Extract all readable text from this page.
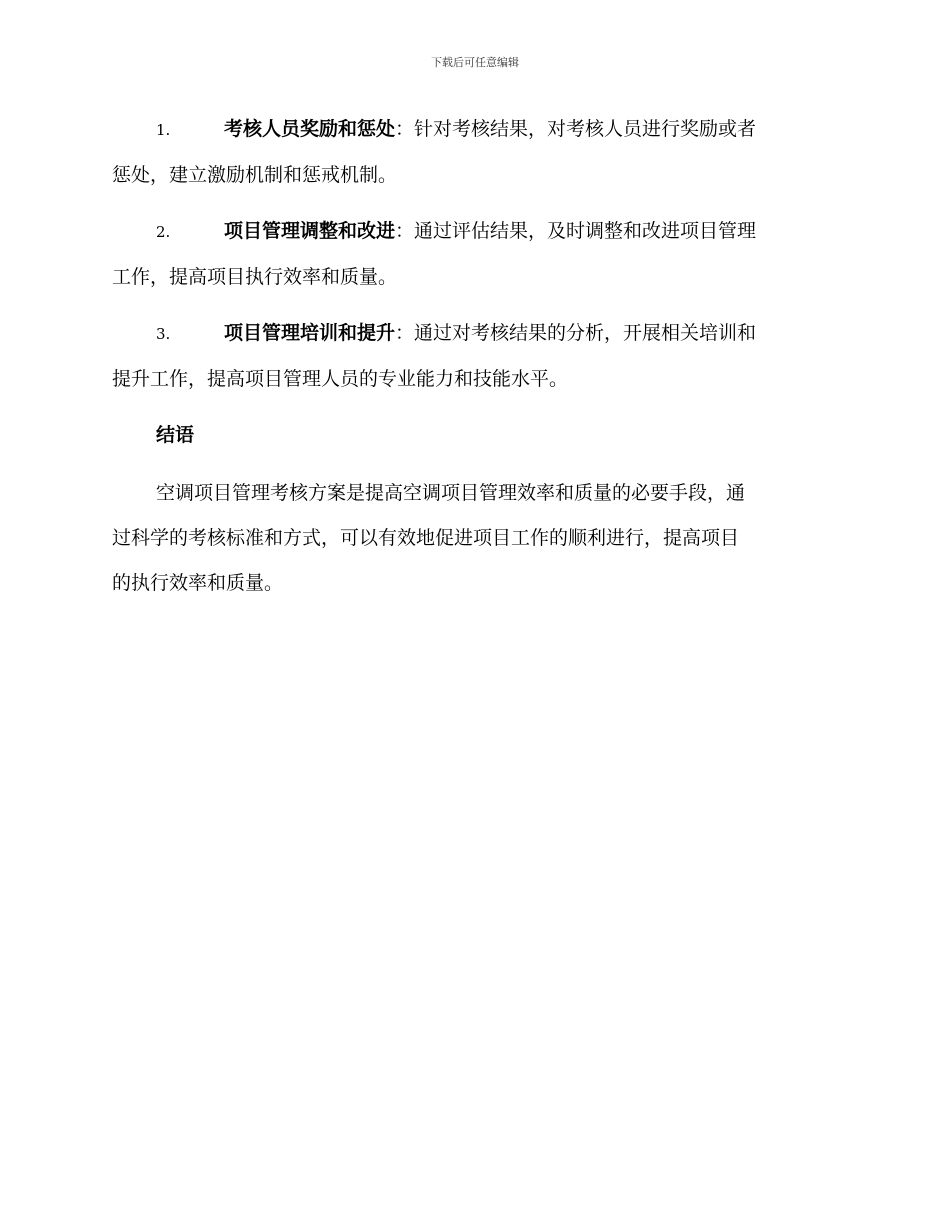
下载后可任意编辑
1.	考核人员奖励和惩处：针对考核结果，对考核人员进行奖励或者
惩处，建立激励机制和惩戒机制。
2.	项目管理调整和改进：通过评估结果，及时调整和改进项目管理
工作，提高项目执行效率和质量。
3.	项目管理培训和提升：通过对考核结果的分析，开展相关培训和
提升工作，提高项目管理人员的专业能力和技能水平。
结语
空调项目管理考核方案是提高空调项目管理效率和质量的必要手段，通
过科学的考核标准和方式，可以有效地促进项目工作的顺利进行，提高项目
的执行效率和质量。
